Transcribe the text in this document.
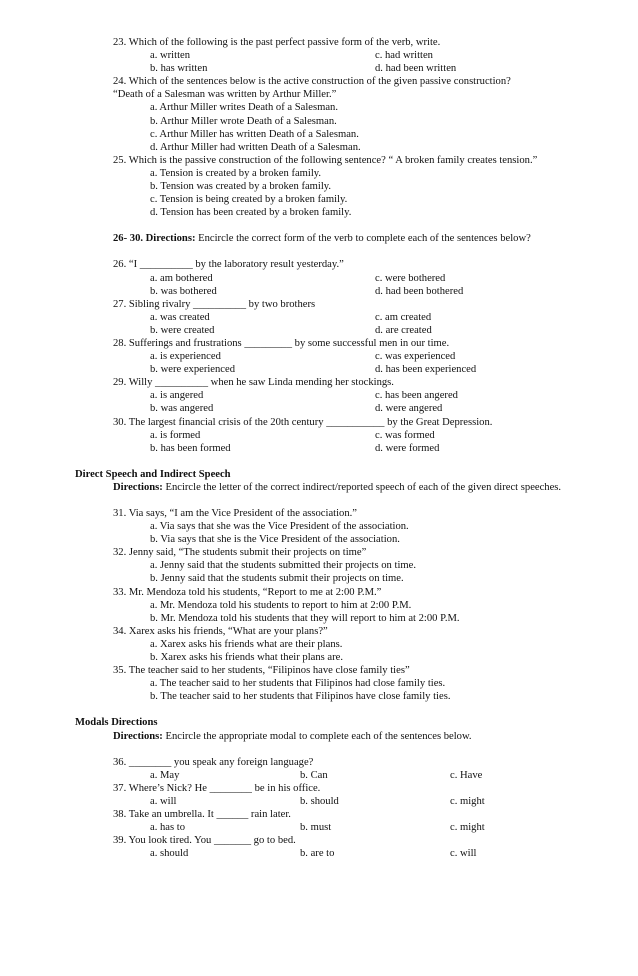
23. Which of the following is the past perfect passive form of the verb, write.
a. written	c. had written
b. has written	d. had been written
24. Which of the sentences below is the active construction of the given passive construction? “Death of a Salesman was written by Arthur Miller.”
a. Arthur Miller writes Death of a Salesman.
b. Arthur Miller wrote Death of a Salesman.
c. Arthur Miller has written Death of a Salesman.
d. Arthur Miller had written Death of a Salesman.
25. Which is the passive construction of the following sentence? “ A broken family creates tension.”
a. Tension is created by a broken family.
b. Tension was created by a broken family.
c. Tension is being created by a broken family.
d. Tension has been created by a broken family.
26- 30. Directions: Encircle the correct form of the verb to complete each of the sentences below?
26. “I __________ by the laboratory result yesterday.”
a. am bothered	c. were bothered
b. was bothered	d. had been bothered
27. Sibling rivalry __________ by two brothers
a. was created	c. am created
b. were created	d. are created
28. Sufferings and frustrations _________ by some successful men in our time.
a. is experienced	c. was experienced
b. were experienced	d. has been experienced
29. Willy __________ when he saw Linda mending her stockings.
a. is angered	c. has been angered
b. was angered	d. were angered
30. The largest financial crisis of the 20th century ___________ by the Great Depression.
a. is formed	c. was formed
b. has been formed	d. were formed
Direct Speech and Indirect Speech
Directions: Encircle the letter of the correct indirect/reported speech of each of the given direct speeches.
31. Via says, “I am the Vice President of the association.”
a. Via says that she was the Vice President of the association.
b. Via says that she is the Vice President of the association.
32. Jenny said, “The students submit their projects on time”
a. Jenny said that the students submitted their projects on time.
b. Jenny said that the students submit their projects on time.
33. Mr. Mendoza told his students, “Report to me at 2:00 P.M.”
a. Mr. Mendoza told his students to report to him at 2:00 P.M.
b. Mr. Mendoza told his students that they will report to him at 2:00 P.M.
34. Xarex asks his friends, “What are your plans?”
a. Xarex asks his friends what are their plans.
b. Xarex asks his friends what their plans are.
35. The teacher said to her students, “Filipinos have close family ties”
a. The teacher said to her students that Filipinos had close family ties.
b. The teacher said to her students that Filipinos have close family ties.
Modals Directions
Directions: Encircle the appropriate modal to complete each of the sentences below.
36. ________ you speak any foreign language?
a. May	b. Can	c. Have
37. Where’s Nick? He ________ be in his office.
a. will	b. should	c. might
38. Take an umbrella. It ______ rain later.
a. has to	b. must	c. might
39. You look tired. You _______ go to bed.
a. should	b. are to	c. will
